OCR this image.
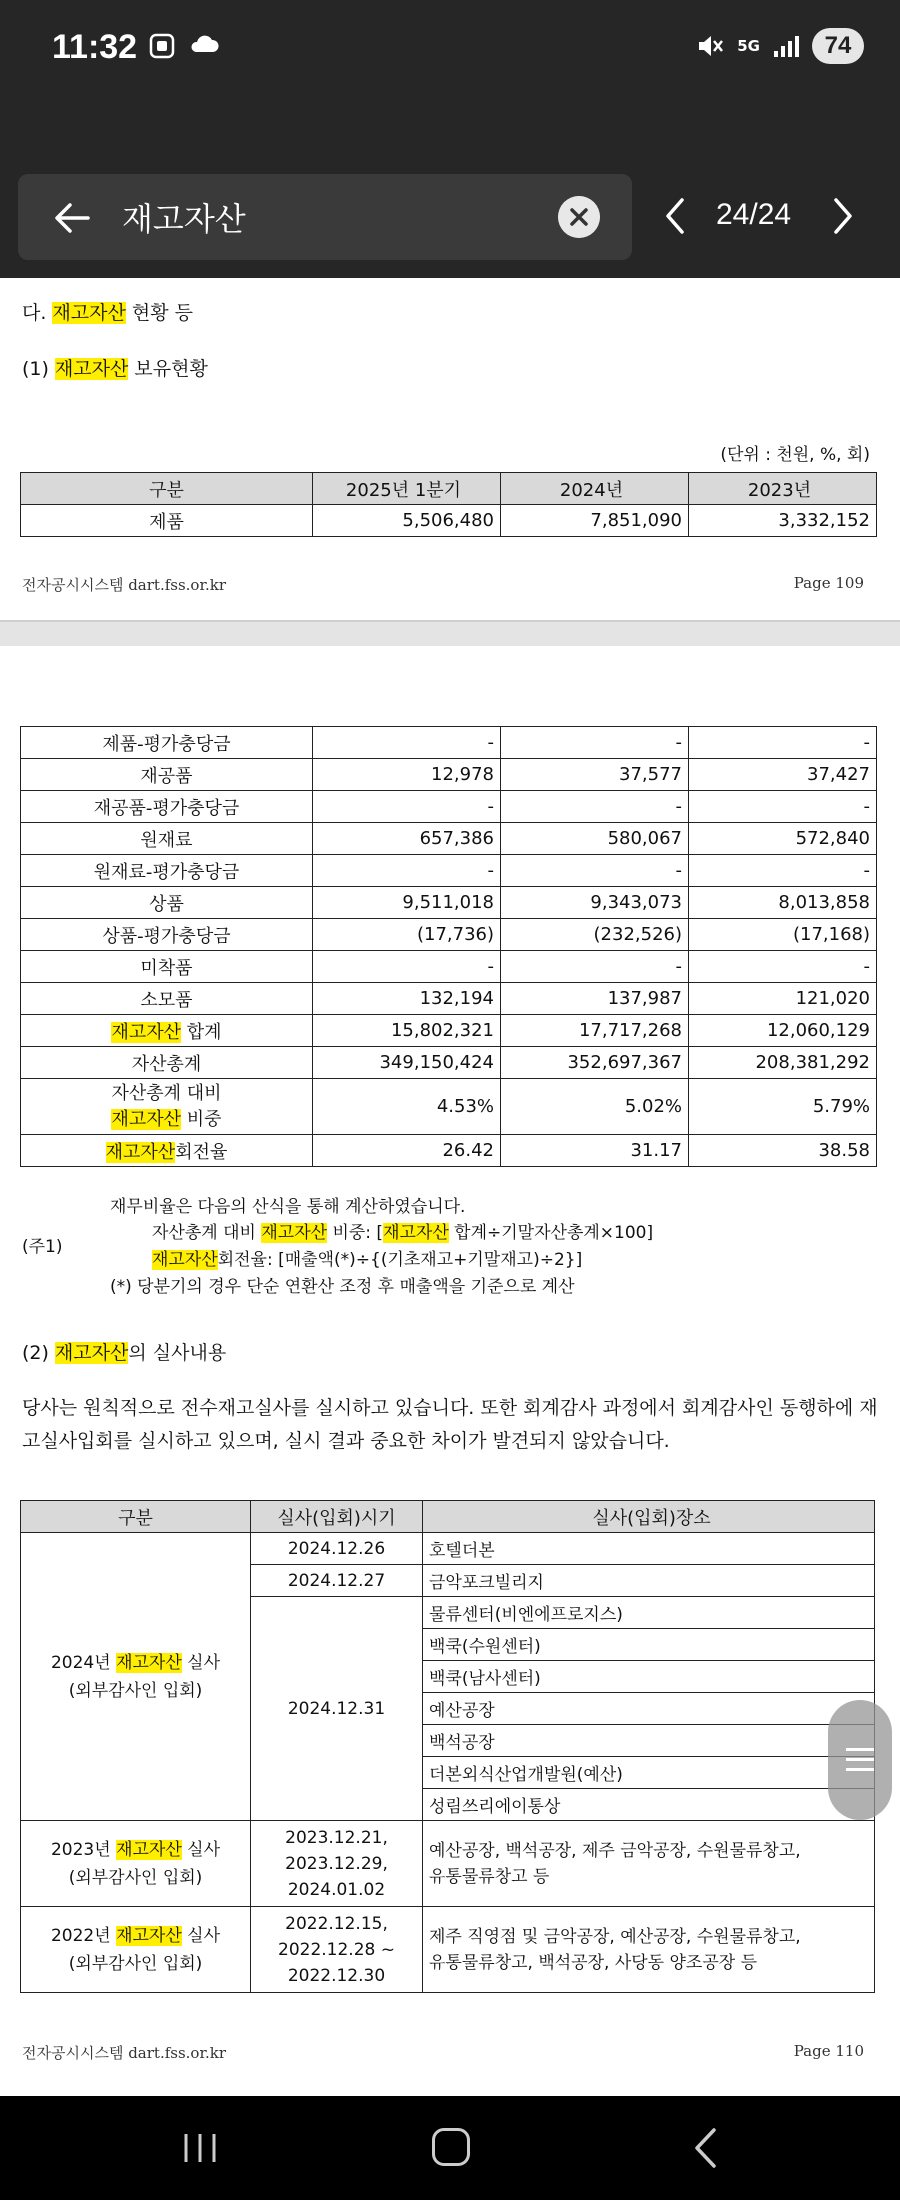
11:32	5G	74
재고자산	24/24
다. 재고자산 현황 등
(1) 재고자산 보유현황
(단위 : 천원, %, 회)
구분	2025년 1분기	2024년	2023년
제품	5,506,480	7,851,090	3,332,152
전자공시시스템 dart.fss.or.kr	Page 109
제품-평가충당금	-	-	-
재공품	12,978	37,577	37,427
재공품-평가충당금	-	-	-
원재료	657,386	580,067	572,840
원재료-평가충당금	-	-	-
상품	9,511,018	9,343,073	8,013,858
상품-평가충당금	(17,736)	(232,526)	(17,168)
미착품	-	-	-
소모품	132,194	137,987	121,020
재고자산 합계	15,802,321	17,717,268	12,060,129
자산총계	349,150,424	352,697,367	208,381,292
자산총계 대비
재고자산 비중	4.53%	5.02%	5.79%
재고자산회전율	26.42	31.17	38.58
(주1)
재무비율은 다음의 산식을 통해 계산하였습니다.
자산총계 대비 재고자산 비중: [재고자산 합계÷기말자산총계×100]
재고자산회전율: [매출액(*)÷{(기초재고+기말재고)÷2}]
(*) 당분기의 경우 단순 연환산 조정 후 매출액을 기준으로 계산
(2) 재고자산의 실사내용

당사는 원칙적으로 전수재고실사를 실시하고 있습니다. 또한 회계감사 과정에서 회계감사인 동행하에 재고실사입회를 실시하고 있으며, 실시 결과 중요한 차이가 발견되지 않았습니다.

구분	실사(입회)시기	실사(입회)장소
2024년 재고자산 실사
(외부감사인 입회)	2024.12.26	호텔더본
	2024.12.27	금악포크빌리지
	2024.12.31	물류센터(비엔에프로지스)
		백쿡(수원센터)
		백쿡(남사센터)
		예산공장
		백석공장
		더본외식산업개발원(예산)
		성림쓰리에이통상
2023년 재고자산 실사
(외부감사인 입회)	2023.12.21,
2023.12.29,
2024.01.02	예산공장, 백석공장, 제주 금악공장, 수원물류창고,
유통물류창고 등
2022년 재고자산 실사
(외부감사인 입회)	2022.12.15,
2022.12.28 ~
2022.12.30	제주 직영점 및 금악공장, 예산공장, 수원물류창고,
유통물류창고, 백석공장, 사당동 양조공장 등
전자공시시스템 dart.fss.or.kr	Page 110
